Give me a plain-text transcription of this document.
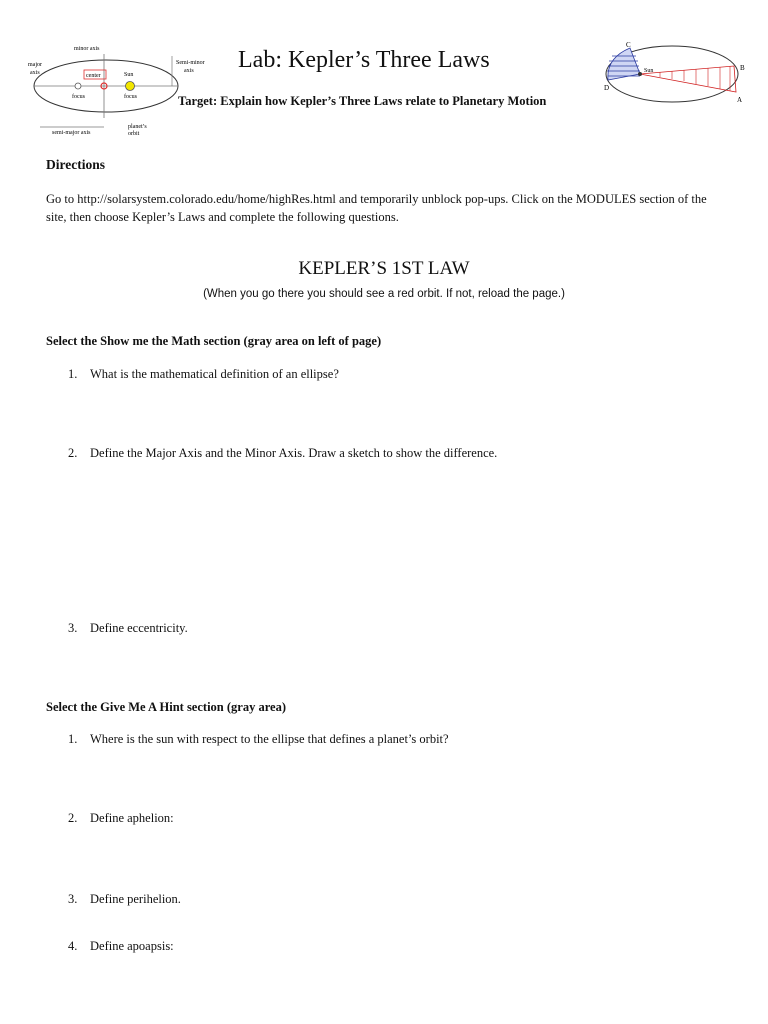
minor axis
major
axis
Semi-minor
axis
center	Sun
focus	focus
semi-major axis
planet’s
orbit
Lab: Kepler’s Three Laws
Target: Explain how Kepler’s Three Laws relate to Planetary Motion
Sun
C
B
A
D
Directions
Go to http://solarsystem.colorado.edu/home/highRes.html and temporarily unblock pop-ups. Click on the MODULES section of the site, then choose Kepler’s Laws and complete the following questions.
KEPLER’S 1ST LAW
(When you go there you should see a red orbit. If not, reload the page.)
Select the Show me the Math section (gray area on left of page)
1. What is the mathematical definition of an ellipse?
2. Define the Major Axis and the Minor Axis. Draw a sketch to show the difference.
3. Define eccentricity.
Select the Give Me A Hint section (gray area)
1. Where is the sun with respect to the ellipse that defines a planet’s orbit?
2. Define aphelion:
3. Define perihelion.
4. Define apoapsis:
